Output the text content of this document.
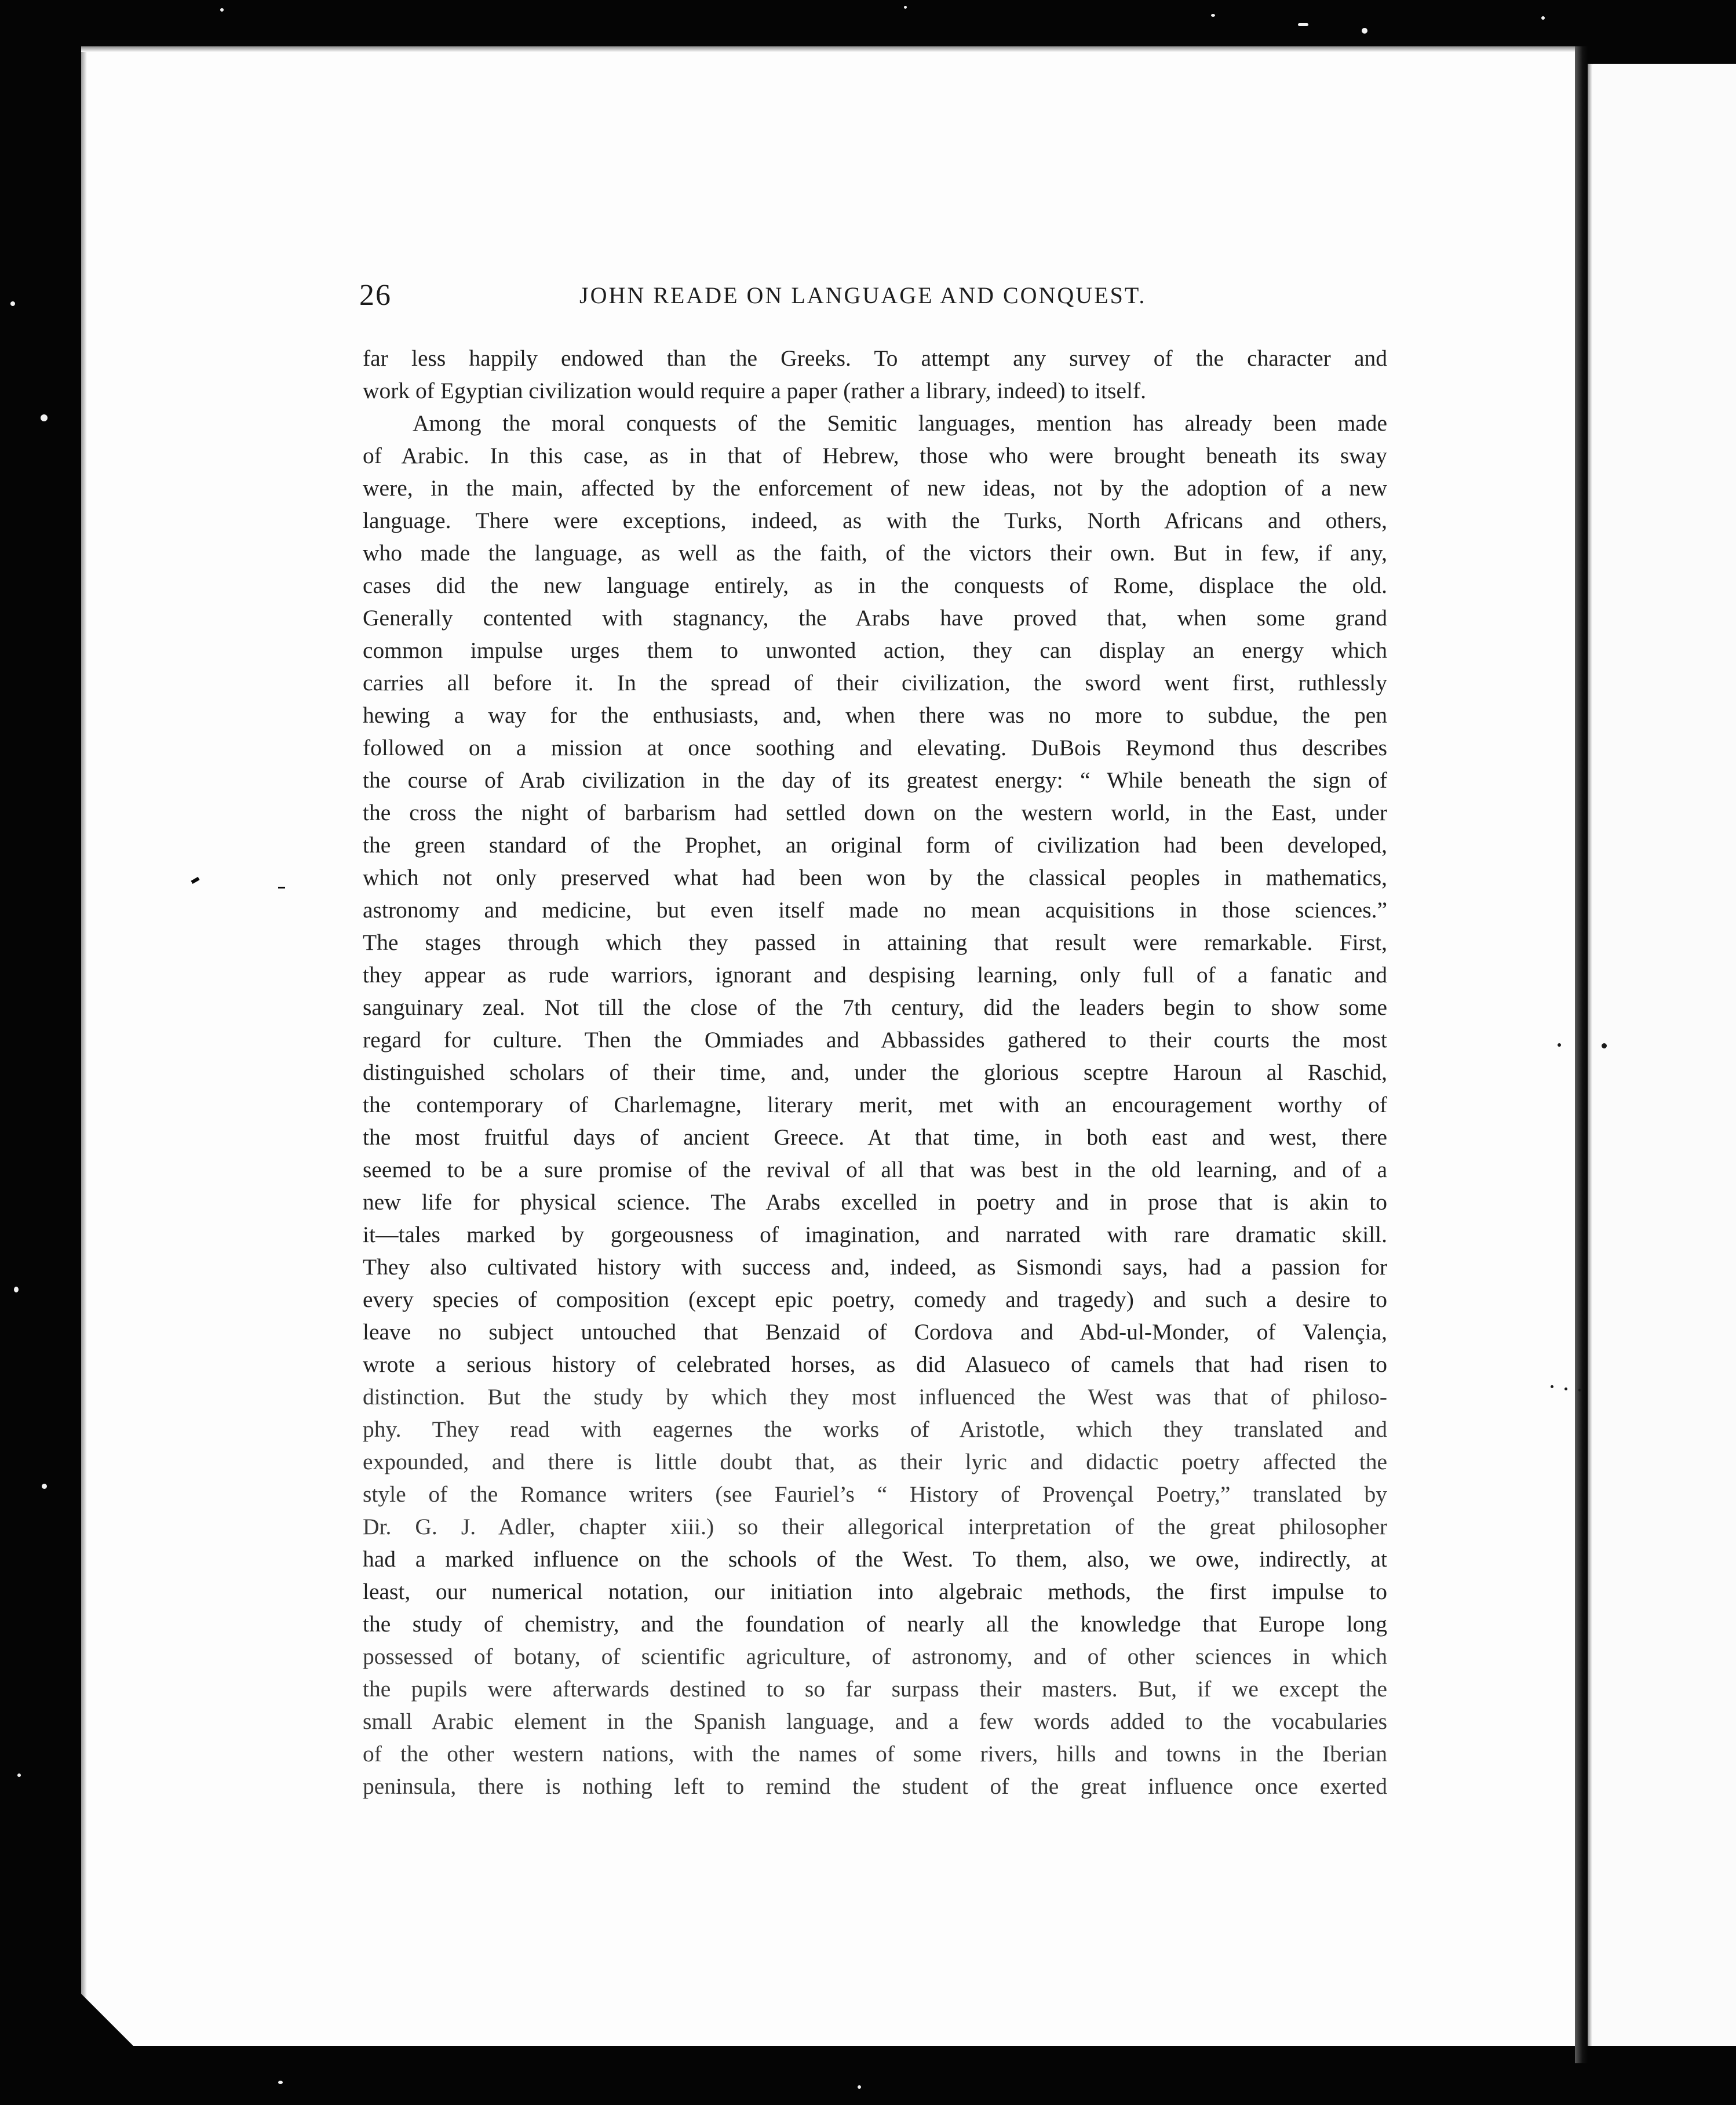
26	JOHN READE ON LANGUAGE AND CONQUEST.
far less happily endowed than the Greeks. To attempt any survey of the character and
work of Egyptian civilization would require a paper (rather a library, indeed) to itself.
Among the moral conquests of the Semitic languages, mention has already been made
of Arabic. In this case, as in that of Hebrew, those who were brought beneath its sway
were, in the main, affected by the enforcement of new ideas, not by the adoption of a new
language. There were exceptions, indeed, as with the Turks, North Africans and others,
who made the language, as well as the faith, of the victors their own. But in few, if any,
cases did the new language entirely, as in the conquests of Rome, displace the old.
Generally contented with stagnancy, the Arabs have proved that, when some grand
common impulse urges them to unwonted action, they can display an energy which
carries all before it. In the spread of their civilization, the sword went first, ruthlessly
hewing a way for the enthusiasts, and, when there was no more to subdue, the pen
followed on a mission at once soothing and elevating. DuBois Reymond thus describes
the course of Arab civilization in the day of its greatest energy: “ While beneath the sign of
the cross the night of barbarism had settled down on the western world, in the East, under
the green standard of the Prophet, an original form of civilization had been developed,
which not only preserved what had been won by the classical peoples in mathematics,
astronomy and medicine, but even itself made no mean acquisitions in those sciences.”
The stages through which they passed in attaining that result were remarkable. First,
they appear as rude warriors, ignorant and despising learning, only full of a fanatic and
sanguinary zeal. Not till the close of the 7th century, did the leaders begin to show some
regard for culture. Then the Ommiades and Abbassides gathered to their courts the most
distinguished scholars of their time, and, under the glorious sceptre Haroun al Raschid,
the contemporary of Charlemagne, literary merit, met with an encouragement worthy of
the most fruitful days of ancient Greece. At that time, in both east and west, there
seemed to be a sure promise of the revival of all that was best in the old learning, and of a
new life for physical science. The Arabs excelled in poetry and in prose that is akin to
it—tales marked by gorgeousness of imagination, and narrated with rare dramatic skill.
They also cultivated history with success and, indeed, as Sismondi says, had a passion for
every species of composition (except epic poetry, comedy and tragedy) and such a desire to
leave no subject untouched that Benzaid of Cordova and Abd-ul-Monder, of Valençia,
wrote a serious history of celebrated horses, as did Alasueco of camels that had risen to
distinction. But the study by which they most influenced the West was that of philoso-
phy. They read with eagernes the works of Aristotle, which they translated and
expounded, and there is little doubt that, as their lyric and didactic poetry affected the
style of the Romance writers (see Fauriel’s “ History of Provençal Poetry,” translated by
Dr. G. J. Adler, chapter xiii.) so their allegorical interpretation of the great philosopher
had a marked influence on the schools of the West. To them, also, we owe, indirectly, at
least, our numerical notation, our initiation into algebraic methods, the first impulse to
the study of chemistry, and the foundation of nearly all the knowledge that Europe long
possessed of botany, of scientific agriculture, of astronomy, and of other sciences in which
the pupils were afterwards destined to so far surpass their masters. But, if we except the
small Arabic element in the Spanish language, and a few words added to the vocabularies
of the other western nations, with the names of some rivers, hills and towns in the Iberian
peninsula, there is nothing left to remind the student of the great influence once exerted
